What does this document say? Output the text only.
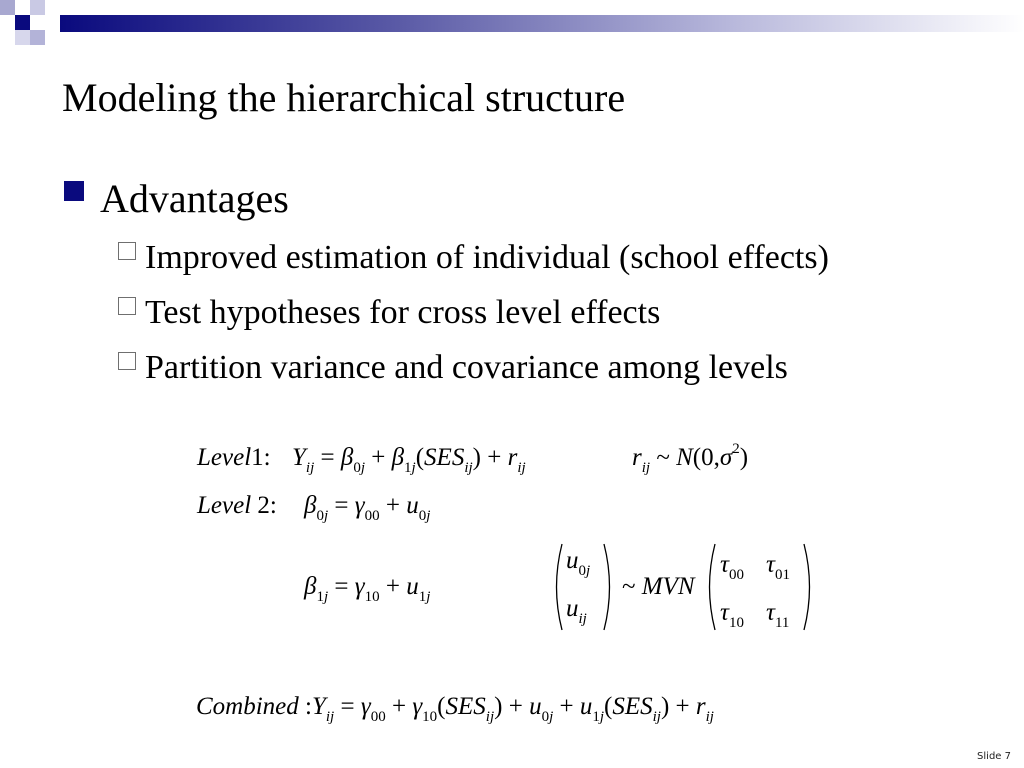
Modeling the hierarchical structure
Advantages
Improved estimation of individual (school effects)
Test hypotheses for cross level effects
Partition variance and covariance among levels
Level1: $Y_{ij} = \beta_0j + \beta_1j(SES_{ij}) + r_{ij}$	$r_{ij}$ ~ $N(0,\sigma^2)$
Level 2: $\beta_0j = \gamma_{00} + u_0j$
$\beta_1j = \gamma_{10} + u_1j$
$u_0j$
$u_{ij}$
~ MVN
$\tau_{00}$ $\tau_{01}$
$\tau_{10}$ $\tau_{11}$
Combined $:Y_{ij} = \gamma_{00} + \gamma_{10}(SES_{ij}) + u_0j + u_1j(SES_{ij}) + r_{ij}$
Slide 7
